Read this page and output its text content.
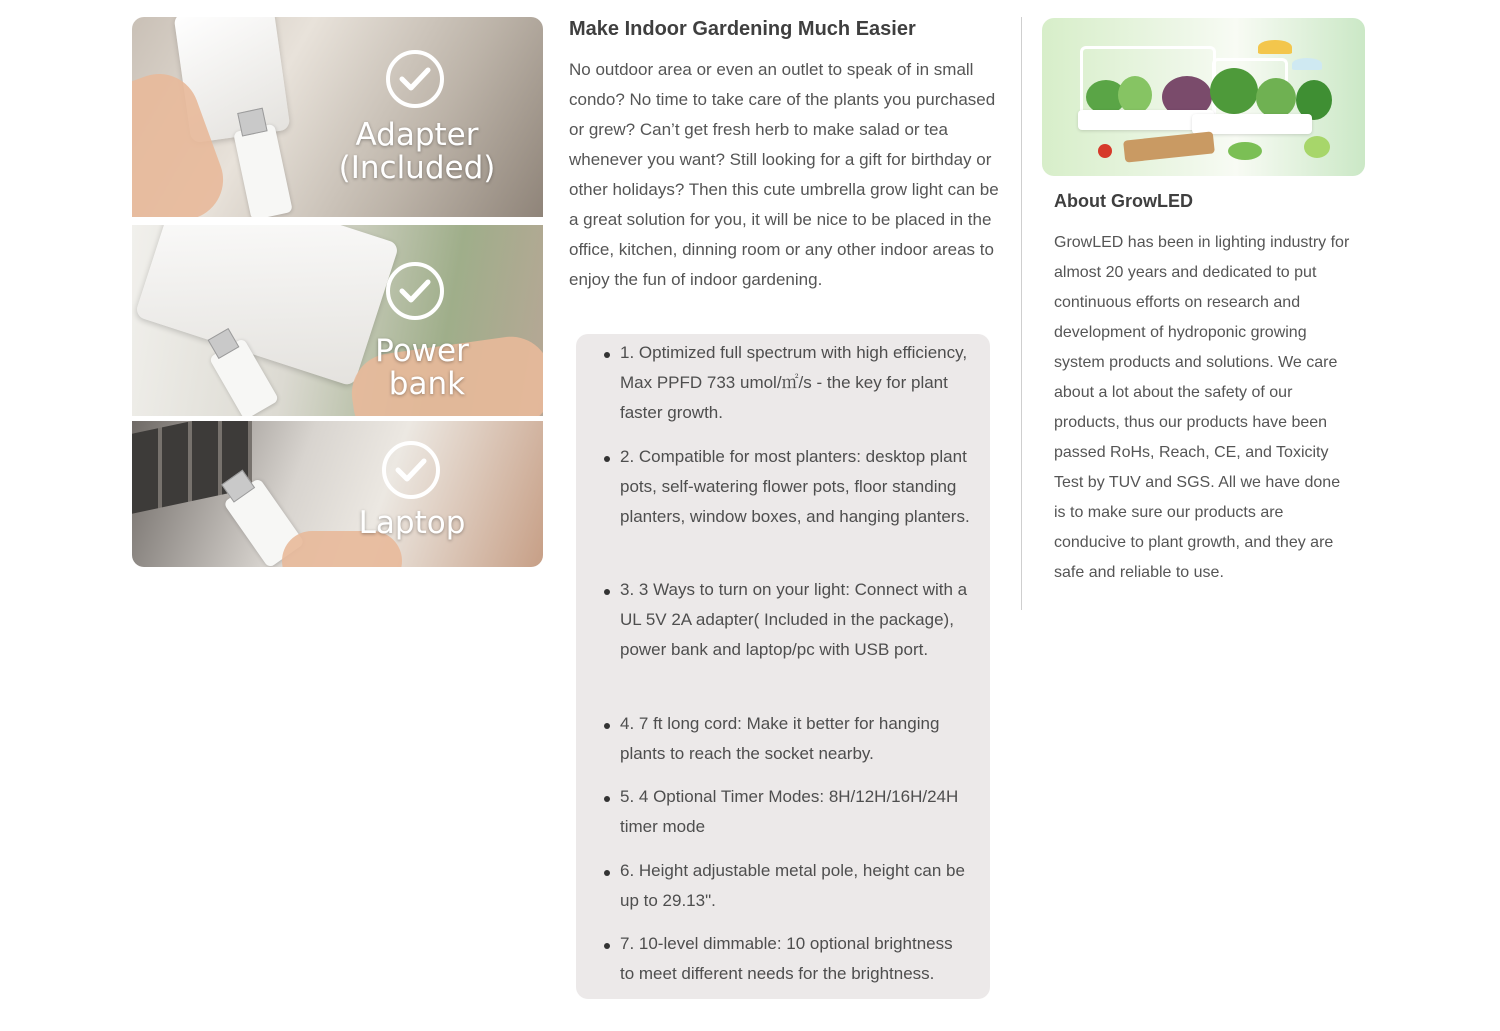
Adapter
(Included)
Power
bank
Laptop
Make Indoor Gardening Much Easier

No outdoor area or even an outlet to speak of in small condo? No time to take care of the plants you purchased or grew? Can’t get fresh herb to make salad or tea whenever you want? Still looking for a gift for birthday or other holidays? Then this cute umbrella grow light can be a great solution for you, it will be nice to be placed in the office, kitchen, dinning room or any other indoor areas to enjoy the fun of indoor gardening.

1. Optimized full spectrum with high efficiency, Max PPFD 733 umol/㎡/s - the key for plant faster growth.
2. Compatible for most planters: desktop plant pots, self-watering flower pots, floor standing planters, window boxes, and hanging planters.
3. 3 Ways to turn on your light: Connect with a UL 5V 2A adapter( Included in the package), power bank and laptop/pc with USB port.
4. 7 ft long cord: Make it better for hanging plants to reach the socket nearby.
5. 4 Optional Timer Modes: 8H/12H/16H/24H timer mode
6. Height adjustable metal pole, height can be up to 29.13".
7. 10-level dimmable: 10 optional brightness to meet different needs for the brightness.
About GrowLED

GrowLED has been in lighting industry for almost 20 years and dedicated to put continuous efforts on research and development of hydroponic growing system products and solutions. We care about a lot about the safety of our products, thus our products have been passed RoHs, Reach, CE, and Toxicity Test by TUV and SGS. All we have done is to make sure our products are conducive to plant growth, and they are safe and reliable to use.
